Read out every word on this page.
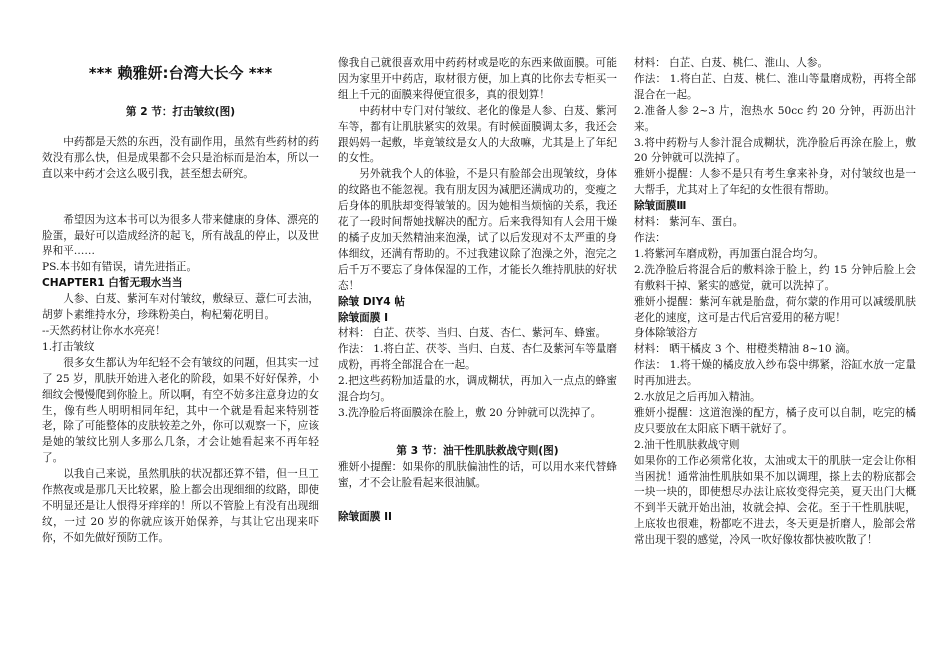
*** 赖雅妍:台湾大长今 ***

第 2 节：打击皱纹(图)

中药都是天然的东西，没有副作用，虽然有些药材的药效没有那么快，但是成果都不会只是治标而是治本，所以一直以来中药才会这么吸引我，甚至想去研究。

希望因为这本书可以为很多人带来健康的身体、漂亮的脸蛋，最好可以造成经济的起飞，所有战乱的停止，以及世界和平……

PS.本书如有错误，请先进指正。

CHAPTER1 白皙无瑕水当当

人参、白芨、紫河车对付皱纹，敷绿豆、薏仁可去油，胡萝卜素维持水分，珍珠粉美白，枸杞菊花明目。

--天然药材让你水水亮亮！

1.打击皱纹

很多女生都认为年纪轻不会有皱纹的问题，但其实一过了 25 岁，肌肤开始进入老化的阶段，如果不好好保养，小细纹会慢慢爬到你脸上。所以啊，有空不妨多注意身边的女生，像有些人明明相同年纪，其中一个就是看起来特别苍老，除了可能整体的皮肤较差之外，你可以观察一下，应该是她的皱纹比别人多那么几条，才会让她看起来不再年轻了。

以我自己来说，虽然肌肤的状况都还算不错，但一旦工作熬夜或是那几天比较累，脸上都会出现细细的纹路，即使不明显还是让人恨得牙痒痒的！所以不管脸上有没有出现细纹，一过 20 岁的你就应该开始保养，与其让它出现来吓你，不如先做好预防工作。

像我自己就很喜欢用中药药材或是吃的东西来做面膜。可能因为家里开中药店，取材很方便，加上真的比你去专柜买一组上千元的面膜来得便宜很多，真的很划算！

中药材中专门对付皱纹、老化的像是人参、白芨、紫河车等，都有让肌肤紧实的效果。有时候面膜调太多，我还会跟妈妈一起敷，毕竟皱纹是女人的大敌嘛，尤其是上了年纪的女性。

另外就我个人的体验，不是只有脸部会出现皱纹，身体的纹路也不能忽视。我有朋友因为减肥还满成功的，变瘦之后身体的肌肤却变得皱皱的。因为她相当烦恼的关系，我还花了一段时间帮她找解决的配方。后来我得知有人会用干燥的橘子皮加天然精油来泡澡，试了以后发现对不太严重的身体细纹，还满有帮助的。不过我建议除了泡澡之外，泡完之后千万不要忘了身体保湿的工作，才能长久维持肌肤的好状态！

除皱 DIY4 帖

除皱面膜 I

材料： 白芷、茯苓、当归、白芨、杏仁、紫河车、蜂蜜。

作法： 1.将白芷、茯苓、当归、白芨、杏仁及紫河车等量磨成粉，再将全部混合在一起。

2.把这些药粉加适量的水，调成糊状，再加入一点点的蜂蜜混合均匀。

3.洗净脸后将面膜涂在脸上，敷 20 分钟就可以洗掉了。

第 3 节：油干性肌肤救战守则(图)

雅妍小提醒：如果你的肌肤偏油性的话，可以用水来代替蜂蜜，才不会让脸看起来很油腻。

除皱面膜 II

材料： 白芷、白芨、桃仁、淮山、人参。

作法： 1.将白芷、白芨、桃仁、淮山等量磨成粉，再将全部混合在一起。

2.准备人参 2~3 片，泡热水 50cc 约 20 分钟，再沥出汁来。

3.将中药粉与人参汁混合成糊状，洗净脸后再涂在脸上，敷 20 分钟就可以洗掉了。

雅妍小提醒：人参不是只有考生拿来补身，对付皱纹也是一大帮手，尤其对上了年纪的女性很有帮助。

除皱面膜Ⅲ

材料： 紫河车、蛋白。

作法：

1.将紫河车磨成粉，再加蛋白混合均匀。

2.洗净脸后将混合后的敷料涂于脸上，约 15 分钟后脸上会有敷料干掉、紧实的感觉，就可以洗掉了。

雅妍小提醒：紫河车就是胎盘，荷尔蒙的作用可以减缓肌肤老化的速度，这可是古代后宫爱用的秘方呢！

身体除皱浴方

材料： 晒干橘皮 3 个、柑橙类精油 8~10 滴。

作法： 1.将干燥的橘皮放入纱布袋中绑紧，浴缸水放一定量时再加进去。

2.水放足之后再加入精油。

雅妍小提醒：这道泡澡的配方，橘子皮可以自制，吃完的橘皮只要放在太阳底下晒干就好了。

2.油干性肌肤救战守则

如果你的工作必须常化妆，太油或太干的肌肤一定会让你相当困扰！通常油性肌肤如果不加以调理，搽上去的粉底都会一块一块的，即使想尽办法让底妆变得完美，夏天出门大概不到半天就开始出油，妆就会掉、会花。至于干性肌肤呢，上底妆也很难，粉都吃不进去，冬天更是折磨人，脸部会常常出现干裂的感觉，冷风一吹好像妆都快被吹散了！
